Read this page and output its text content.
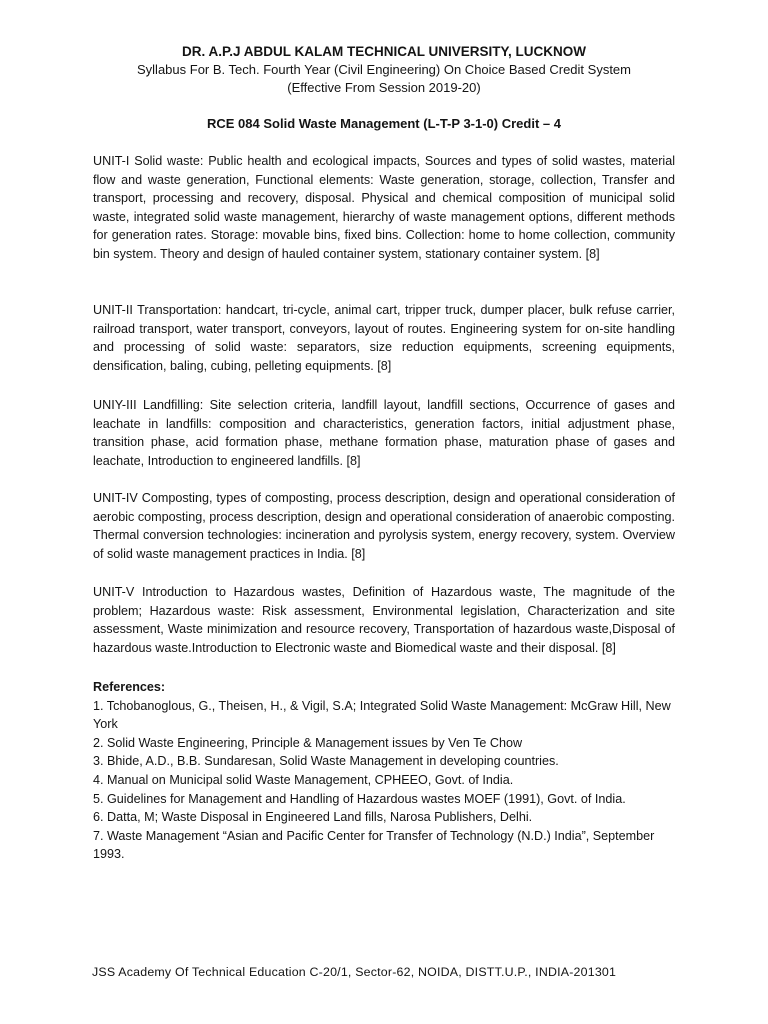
DR. A.P.J ABDUL KALAM TECHNICAL UNIVERSITY, LUCKNOW
Syllabus For B. Tech. Fourth Year (Civil Engineering) On Choice Based Credit System
(Effective From Session 2019-20)
RCE 084 Solid Waste Management (L-T-P 3-1-0) Credit – 4
UNIT-I Solid waste: Public health and ecological impacts, Sources and types of solid wastes, material flow and waste generation, Functional elements: Waste generation, storage, collection, Transfer and transport, processing and recovery, disposal. Physical and chemical composition of municipal solid waste, integrated solid waste management, hierarchy of waste management options, different methods for generation rates. Storage: movable bins, fixed bins. Collection: home to home collection, community bin system. Theory and design of hauled container system, stationary container system. [8]
UNIT-II Transportation: handcart, tri-cycle, animal cart, tripper truck, dumper placer, bulk refuse carrier, railroad transport, water transport, conveyors, layout of routes. Engineering system for on-site handling and processing of solid waste: separators, size reduction equipments, screening equipments, densification, baling, cubing, pelleting equipments. [8]
UNIY-III Landfilling: Site selection criteria, landfill layout, landfill sections, Occurrence of gases and leachate in landfills: composition and characteristics, generation factors, initial adjustment phase, transition phase, acid formation phase, methane formation phase, maturation phase of gases and leachate, Introduction to engineered landfills. [8]
UNIT-IV Composting, types of composting, process description, design and operational consideration of aerobic composting, process description, design and operational consideration of anaerobic composting. Thermal conversion technologies: incineration and pyrolysis system, energy recovery, system. Overview of solid waste management practices in India. [8]
UNIT-V Introduction to Hazardous wastes, Definition of Hazardous waste, The magnitude of the problem; Hazardous waste: Risk assessment, Environmental legislation, Characterization and site assessment, Waste minimization and resource recovery, Transportation of hazardous waste,Disposal of hazardous waste.Introduction to Electronic waste and Biomedical waste and their disposal. [8]
References:
1. Tchobanoglous, G., Theisen, H., & Vigil, S.A; Integrated Solid Waste Management: McGraw Hill, New York
2. Solid Waste Engineering, Principle & Management issues by Ven Te Chow
3. Bhide, A.D., B.B. Sundaresan, Solid Waste Management in developing countries.
4. Manual on Municipal solid Waste Management, CPHEEO, Govt. of India.
5. Guidelines for Management and Handling of Hazardous wastes MOEF (1991), Govt. of India.
6. Datta, M; Waste Disposal in Engineered Land fills, Narosa Publishers, Delhi.
7. Waste Management “Asian and Pacific Center for Transfer of Technology (N.D.) India”, September 1993.
JSS Academy Of Technical Education C-20/1, Sector-62, NOIDA, DISTT.U.P., INDIA-201301
